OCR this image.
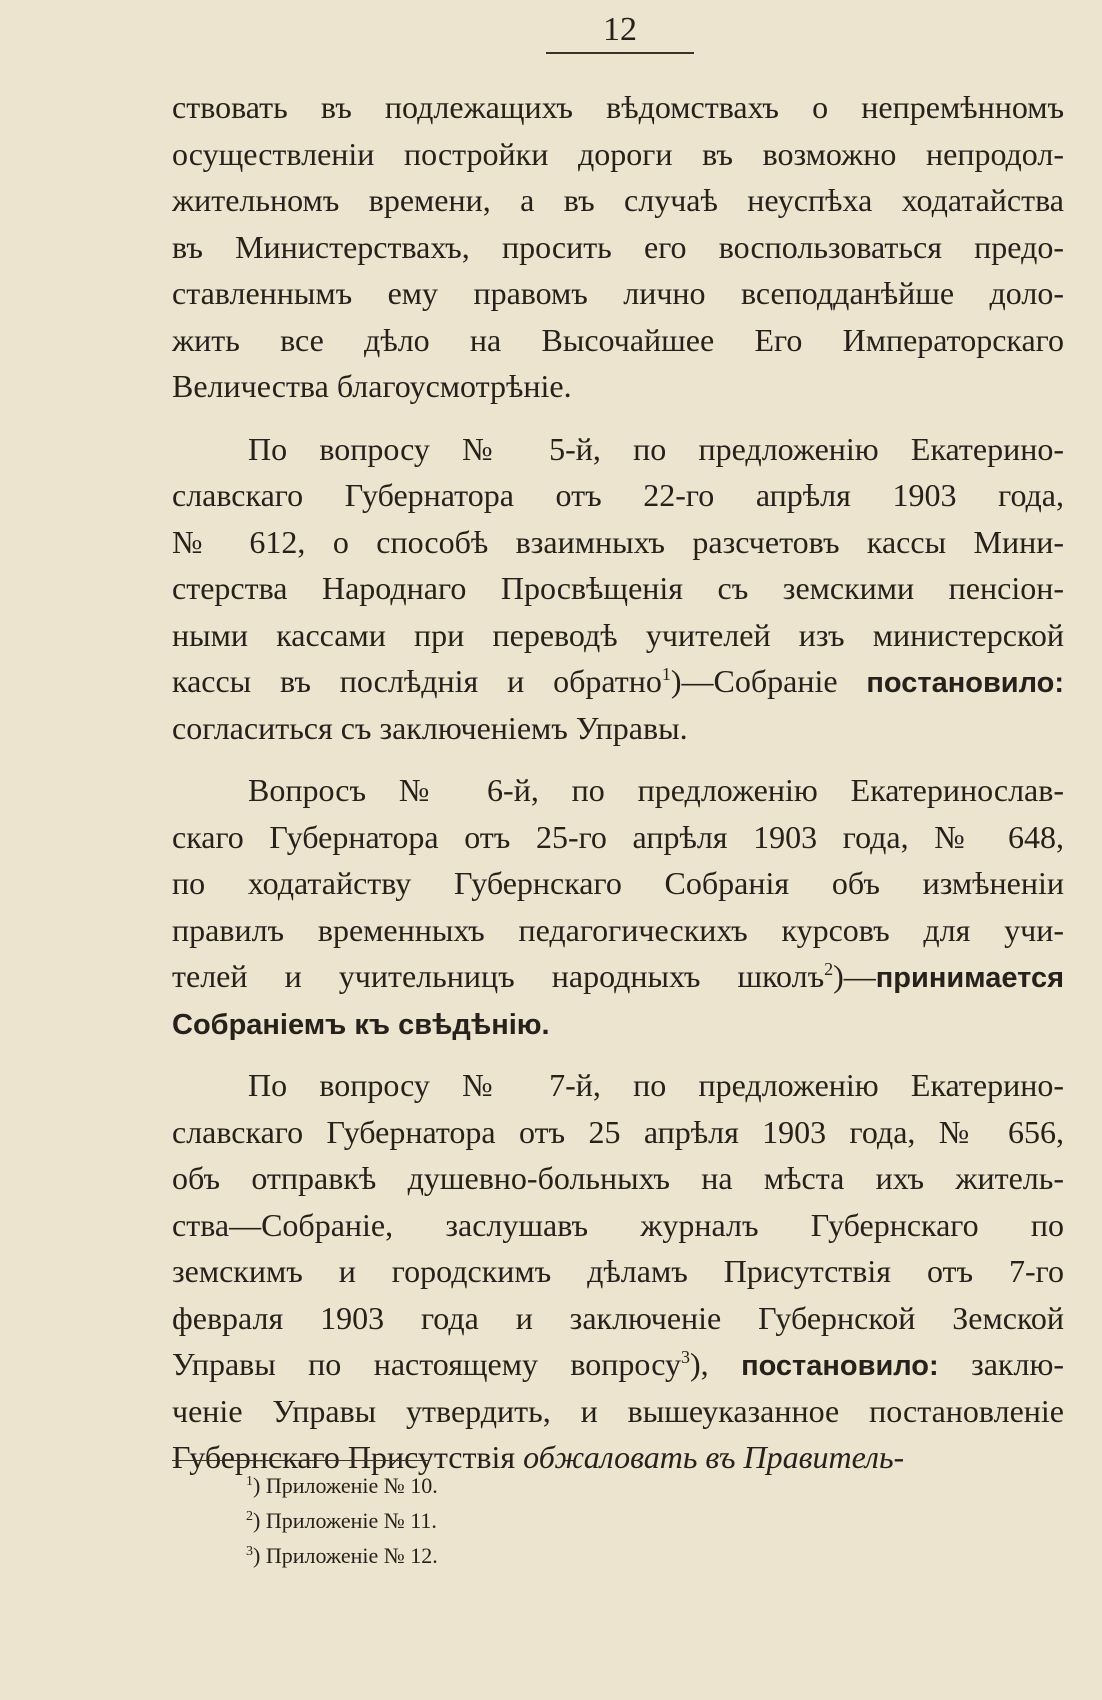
12
ствовать въ подлежащихъ вѣдомствахъ о непремѣнномъ
осуществленіи постройки дороги въ возможно непродол-
жительномъ времени, а въ случаѣ неуспѣха ходатайства
въ Министерствахъ, просить его воспользоваться предо-
ставленнымъ ему правомъ лично всеподданѣйше доло-
жить все дѣло на Высочайшее Его Императорскаго
Величества благоусмотрѣніе.
По вопросу № 5-й, по предложенію Екатерино-
славскаго Губернатора отъ 22-го апрѣля 1903 года,
№ 612, о способѣ взаимныхъ разсчетовъ кассы Мини-
стерства Народнаго Просвѣщенія съ земскими пенсіон-
ными кассами при переводѣ учителей изъ министерской
кассы въ послѣднія и обратно$^1$)—Собраніе постановило:
согласиться съ заключеніемъ Управы.
Вопросъ № 6-й, по предложенію Екатеринослав-
скаго Губернатора отъ 25-го апрѣля 1903 года, № 648,
по ходатайству Губернскаго Собранія объ измѣненіи
правилъ временныхъ педагогическихъ курсовъ для учи-
телей и учительницъ народныхъ школъ$^2$)—принимается
Собраніемъ къ свѣдѣнію.
По вопросу № 7-й, по предложенію Екатерино-
славскаго Губернатора отъ 25 апрѣля 1903 года, № 656,
объ отправкѣ душевно-больныхъ на мѣста ихъ житель-
ства—Собраніе, заслушавъ журналъ Губернскаго по
земскимъ и городскимъ дѣламъ Присутствія отъ 7-го
февраля 1903 года и заключеніе Губернской Земской
Управы по настоящему вопросу$^3$), постановило: заклю-
ченіе Управы утвердить, и вышеуказанное постановленіе
Губернскаго Присутствія обжаловать въ Правитель-
$^1$) Приложеніе № 10.
$^2$) Приложеніе № 11.
$^3$) Приложеніе № 12.
